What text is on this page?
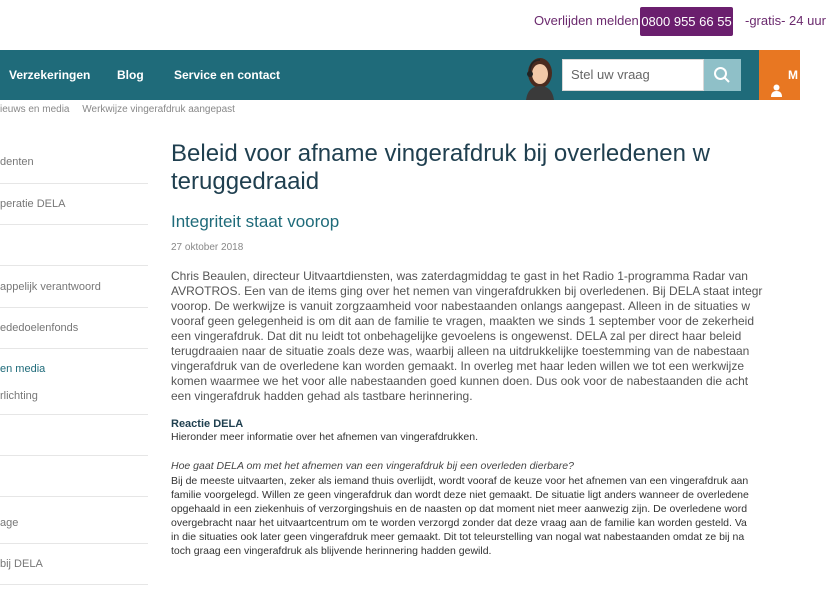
Overlijden melden 0800 955 66 55 -gratis- 24 uur
Verzekeringen Blog	Service en contact	Stel uw vraag	M
ieuws en media Werkwijze vingerafdruk aangepast
denten
peratie DELA
appelijk verantwoord
ededoelenfonds
en media
rlichting
age
bij DELA
Beleid voor afname vingerafdruk bij overledenen w
teruggedraaid
Integriteit staat voorop
27 oktober 2018
Chris Beaulen, directeur Uitvaartdiensten, was zaterdagmiddag te gast in het Radio 1-programma Radar van
AVROTROS. Een van de items ging over het nemen van vingerafdrukken bij overledenen. Bij DELA staat integr
voorop. De werkwijze is vanuit zorgzaamheid voor nabestaanden onlangs aangepast. Alleen in de situaties w
vooraf geen gelegenheid is om dit aan de familie te vragen, maakten we sinds 1 september voor de zekerheid
een vingerafdruk. Dat dit nu leidt tot onbehagelijke gevoelens is ongewenst. DELA zal per direct haar beleid
terugdraaien naar de situatie zoals deze was, waarbij alleen na uitdrukkelijke toestemming van de nabestaan
vingerafdruk van de overledene kan worden gemaakt. In overleg met haar leden willen we tot een werkwijze
komen waarmee we het voor alle nabestaanden goed kunnen doen. Dus ook voor de nabestaanden die acht
een vingerafdruk hadden gehad als tastbare herinnering.
Reactie DELA
Hieronder meer informatie over het afnemen van vingerafdrukken.
Hoe gaat DELA om met het afnemen van een vingerafdruk bij een overleden dierbare?
Bij de meeste uitvaarten, zeker als iemand thuis overlijdt, wordt vooraf de keuze voor het afnemen van een vingerafdruk aan
familie voorgelegd. Willen ze geen vingerafdruk dan wordt deze niet gemaakt. De situatie ligt anders wanneer de overledene
opgehaald in een ziekenhuis of verzorgingshuis en de naasten op dat moment niet meer aanwezig zijn. De overledene word
overgebracht naar het uitvaartcentrum om te worden verzorgd zonder dat deze vraag aan de familie kan worden gesteld. Va
in die situaties ook later geen vingerafdruk meer gemaakt. Dit tot teleurstelling van nogal wat nabestaanden omdat ze bij na
toch graag een vingerafdruk als blijvende herinnering hadden gewild.
